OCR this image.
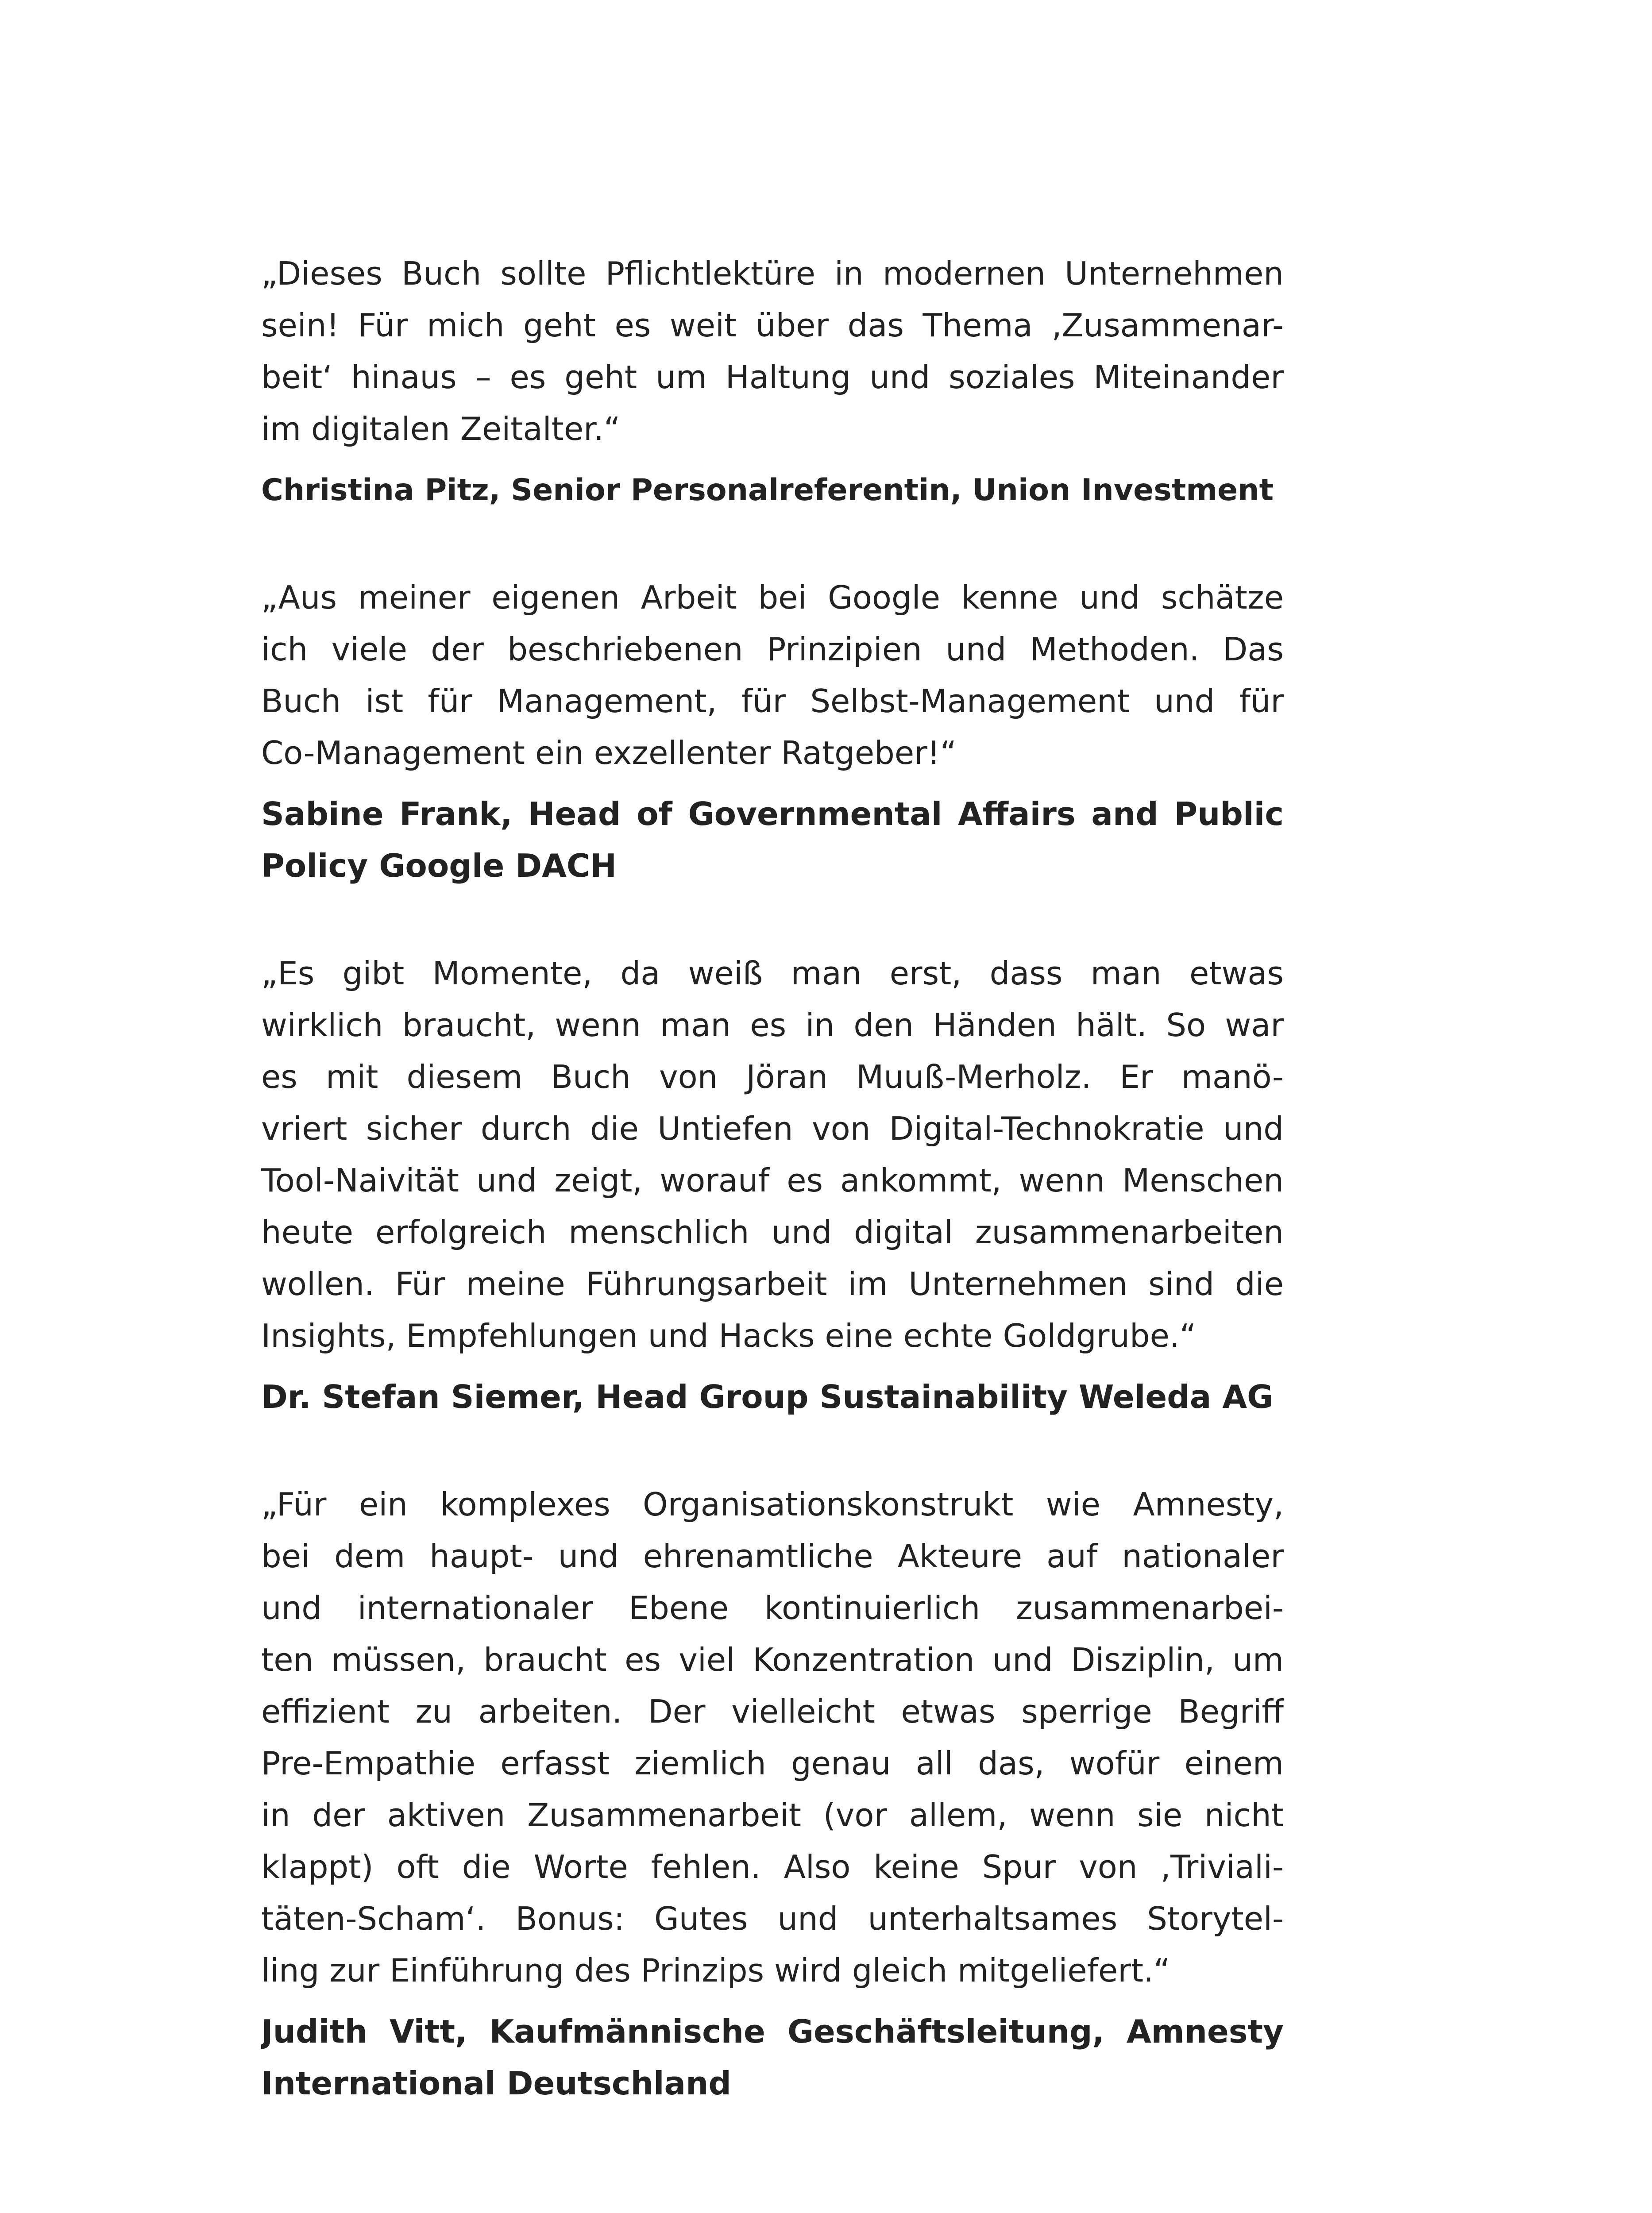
„Dieses Buch sollte Pflichtlektüre in modernen Unternehmen
sein! Für mich geht es weit über das Thema ‚Zusammenar-
beit‘ hinaus – es geht um Haltung und soziales Miteinander
im digitalen Zeitalter.“

Christina Pitz, Senior Personalreferentin, Union Investment

„Aus meiner eigenen Arbeit bei Google kenne und schätze
ich viele der beschriebenen Prinzipien und Methoden. Das
Buch ist für Management, für Selbst-Management und für
Co-Management ein exzellenter Ratgeber!“

Sabine Frank, Head of Governmental Affairs and Public
Policy Google DACH

„Es gibt Momente, da weiß man erst, dass man etwas
wirklich braucht, wenn man es in den Händen hält. So war
es mit diesem Buch von Jöran Muuß-Merholz. Er manö-
vriert sicher durch die Untiefen von Digital-Technokratie und
Tool-Naivität und zeigt, worauf es ankommt, wenn Menschen
heute erfolgreich menschlich und digital zusammenarbeiten
wollen. Für meine Führungsarbeit im Unternehmen sind die
Insights, Empfehlungen und Hacks eine echte Goldgrube.“

Dr. Stefan Siemer, Head Group Sustainability Weleda AG

„Für ein komplexes Organisationskonstrukt wie Amnesty,
bei dem haupt- und ehrenamtliche Akteure auf nationaler
und internationaler Ebene kontinuierlich zusammenarbei-
ten müssen, braucht es viel Konzentration und Disziplin, um
effizient zu arbeiten. Der vielleicht etwas sperrige Begriff
Pre-Empathie erfasst ziemlich genau all das, wofür einem
in der aktiven Zusammenarbeit (vor allem, wenn sie nicht
klappt) oft die Worte fehlen. Also keine Spur von ‚Triviali-
täten-Scham‘. Bonus: Gutes und unterhaltsames Storytel-
ling zur Einführung des Prinzips wird gleich mitgeliefert.“

Judith Vitt, Kaufmännische Geschäftsleitung, Amnesty
International Deutschland
